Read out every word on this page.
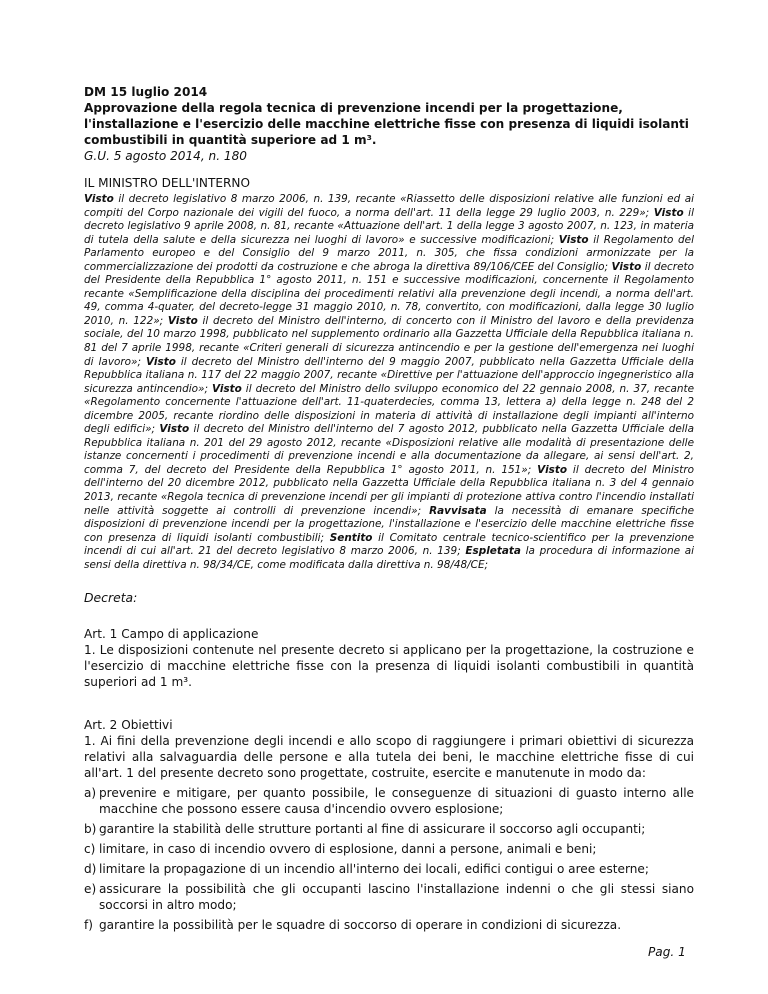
DM 15 luglio 2014
Approvazione della regola tecnica di prevenzione incendi per la progettazione, l'installazione e l'esercizio delle macchine elettriche fisse con presenza di liquidi isolanti combustibili in quantità superiore ad 1 m³.
G.U. 5 agosto 2014, n. 180
IL MINISTRO DELL'INTERNO
Visto il decreto legislativo 8 marzo 2006, n. 139, recante «Riassetto delle disposizioni relative alle funzioni ed ai compiti del Corpo nazionale dei vigili del fuoco, a norma dell'art. 11 della legge 29 luglio 2003, n. 229»; Visto il decreto legislativo 9 aprile 2008, n. 81, recante «Attuazione dell'art. 1 della legge 3 agosto 2007, n. 123, in materia di tutela della salute e della sicurezza nei luoghi di lavoro» e successive modificazioni; Visto il Regolamento del Parlamento europeo e del Consiglio del 9 marzo 2011, n. 305, che fissa condizioni armonizzate per la commercializzazione dei prodotti da costruzione e che abroga la direttiva 89/106/CEE del Consiglio; Visto il decreto del Presidente della Repubblica 1° agosto 2011, n. 151 e successive modificazioni, concernente il Regolamento recante «Semplificazione della disciplina dei procedimenti relativi alla prevenzione degli incendi, a norma dell'art. 49, comma 4-quater, del decreto-legge 31 maggio 2010, n. 78, convertito, con modificazioni, dalla legge 30 luglio 2010, n. 122»; Visto il decreto del Ministro dell'interno, di concerto con il Ministro del lavoro e della previdenza sociale, del 10 marzo 1998, pubblicato nel supplemento ordinario alla Gazzetta Ufficiale della Repubblica italiana n. 81 del 7 aprile 1998, recante «Criteri generali di sicurezza antincendio e per la gestione dell'emergenza nei luoghi di lavoro»; Visto il decreto del Ministro dell'interno del 9 maggio 2007, pubblicato nella Gazzetta Ufficiale della Repubblica italiana n. 117 del 22 maggio 2007, recante «Direttive per l'attuazione dell'approccio ingegneristico alla sicurezza antincendio»; Visto il decreto del Ministro dello sviluppo economico del 22 gennaio 2008, n. 37, recante «Regolamento concernente l'attuazione dell'art. 11-quaterdecies, comma 13, lettera a) della legge n. 248 del 2 dicembre 2005, recante riordino delle disposizioni in materia di attività di installazione degli impianti all'interno degli edifici»; Visto il decreto del Ministro dell'interno del 7 agosto 2012, pubblicato nella Gazzetta Ufficiale della Repubblica italiana n. 201 del 29 agosto 2012, recante «Disposizioni relative alle modalità di presentazione delle istanze concernenti i procedimenti di prevenzione incendi e alla documentazione da allegare, ai sensi dell'art. 2, comma 7, del decreto del Presidente della Repubblica 1° agosto 2011, n. 151»; Visto il decreto del Ministro dell'interno del 20 dicembre 2012, pubblicato nella Gazzetta Ufficiale della Repubblica italiana n. 3 del 4 gennaio 2013, recante «Regola tecnica di prevenzione incendi per gli impianti di protezione attiva contro l'incendio installati nelle attività soggette ai controlli di prevenzione incendi»; Ravvisata la necessità di emanare specifiche disposizioni di prevenzione incendi per la progettazione, l'installazione e l'esercizio delle macchine elettriche fisse con presenza di liquidi isolanti combustibili; Sentito il Comitato centrale tecnico-scientifico per la prevenzione incendi di cui all'art. 21 del decreto legislativo 8 marzo 2006, n. 139; Espletata la procedura di informazione ai sensi della direttiva n. 98/34/CE, come modificata dalla direttiva n. 98/48/CE;
Decreta:

Art. 1 Campo di applicazione

1. Le disposizioni contenute nel presente decreto si applicano per la progettazione, la costruzione e l'esercizio di macchine elettriche fisse con la presenza di liquidi isolanti combustibili in quantità superiori ad 1 m³.

Art. 2 Obiettivi

1. Ai fini della prevenzione degli incendi e allo scopo di raggiungere i primari obiettivi di sicurezza relativi alla salvaguardia delle persone e alla tutela dei beni, le macchine elettriche fisse di cui all'art. 1 del presente decreto sono progettate, costruite, esercite e manutenute in modo da:

a) prevenire e mitigare, per quanto possibile, le conseguenze di situazioni di guasto interno alle macchine che possono essere causa d'incendio ovvero esplosione;
b) garantire la stabilità delle strutture portanti al fine di assicurare il soccorso agli occupanti;
c) limitare, in caso di incendio ovvero di esplosione, danni a persone, animali e beni;
d) limitare la propagazione di un incendio all'interno dei locali, edifici contigui o aree esterne;
e) assicurare la possibilità che gli occupanti lascino l'installazione indenni o che gli stessi siano soccorsi in altro modo;
f) garantire la possibilità per le squadre di soccorso di operare in condizioni di sicurezza.
Pag. 1
